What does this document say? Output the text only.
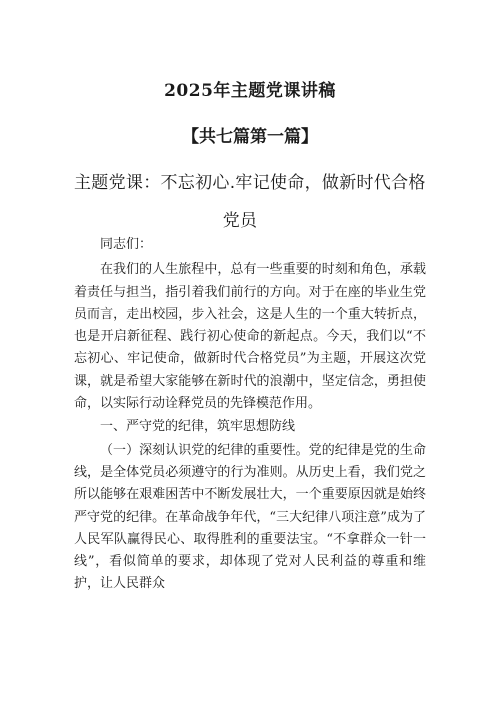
2025年主题党课讲稿
【共七篇第一篇】
主题党课：不忘初心.牢记使命，做新时代合格
党员

同志们：

在我们的人生旅程中，总有一些重要的时刻和角色，承载着责任与担当，指引着我们前行的方向。对于在座的毕业生党员而言，走出校园，步入社会，这是人生的一个重大转折点，也是开启新征程、践行初心使命的新起点。今天，我们以“不忘初心、牢记使命，做新时代合格党员”为主题，开展这次党课，就是希望大家能够在新时代的浪潮中，坚定信念，勇担使命，以实际行动诠释党员的先锋模范作用。

一、严守党的纪律，筑牢思想防线

（一）深刻认识党的纪律的重要性。党的纪律是党的生命线，是全体党员必须遵守的行为准则。从历史上看，我们党之所以能够在艰难困苦中不断发展壮大，一个重要原因就是始终严守党的纪律。在革命战争年代，“三大纪律八项注意”成为了人民军队赢得民心、取得胜利的重要法宝。“不拿群众一针一线”，看似简单的要求，却体现了党对人民利益的尊重和维护，让人民群众
